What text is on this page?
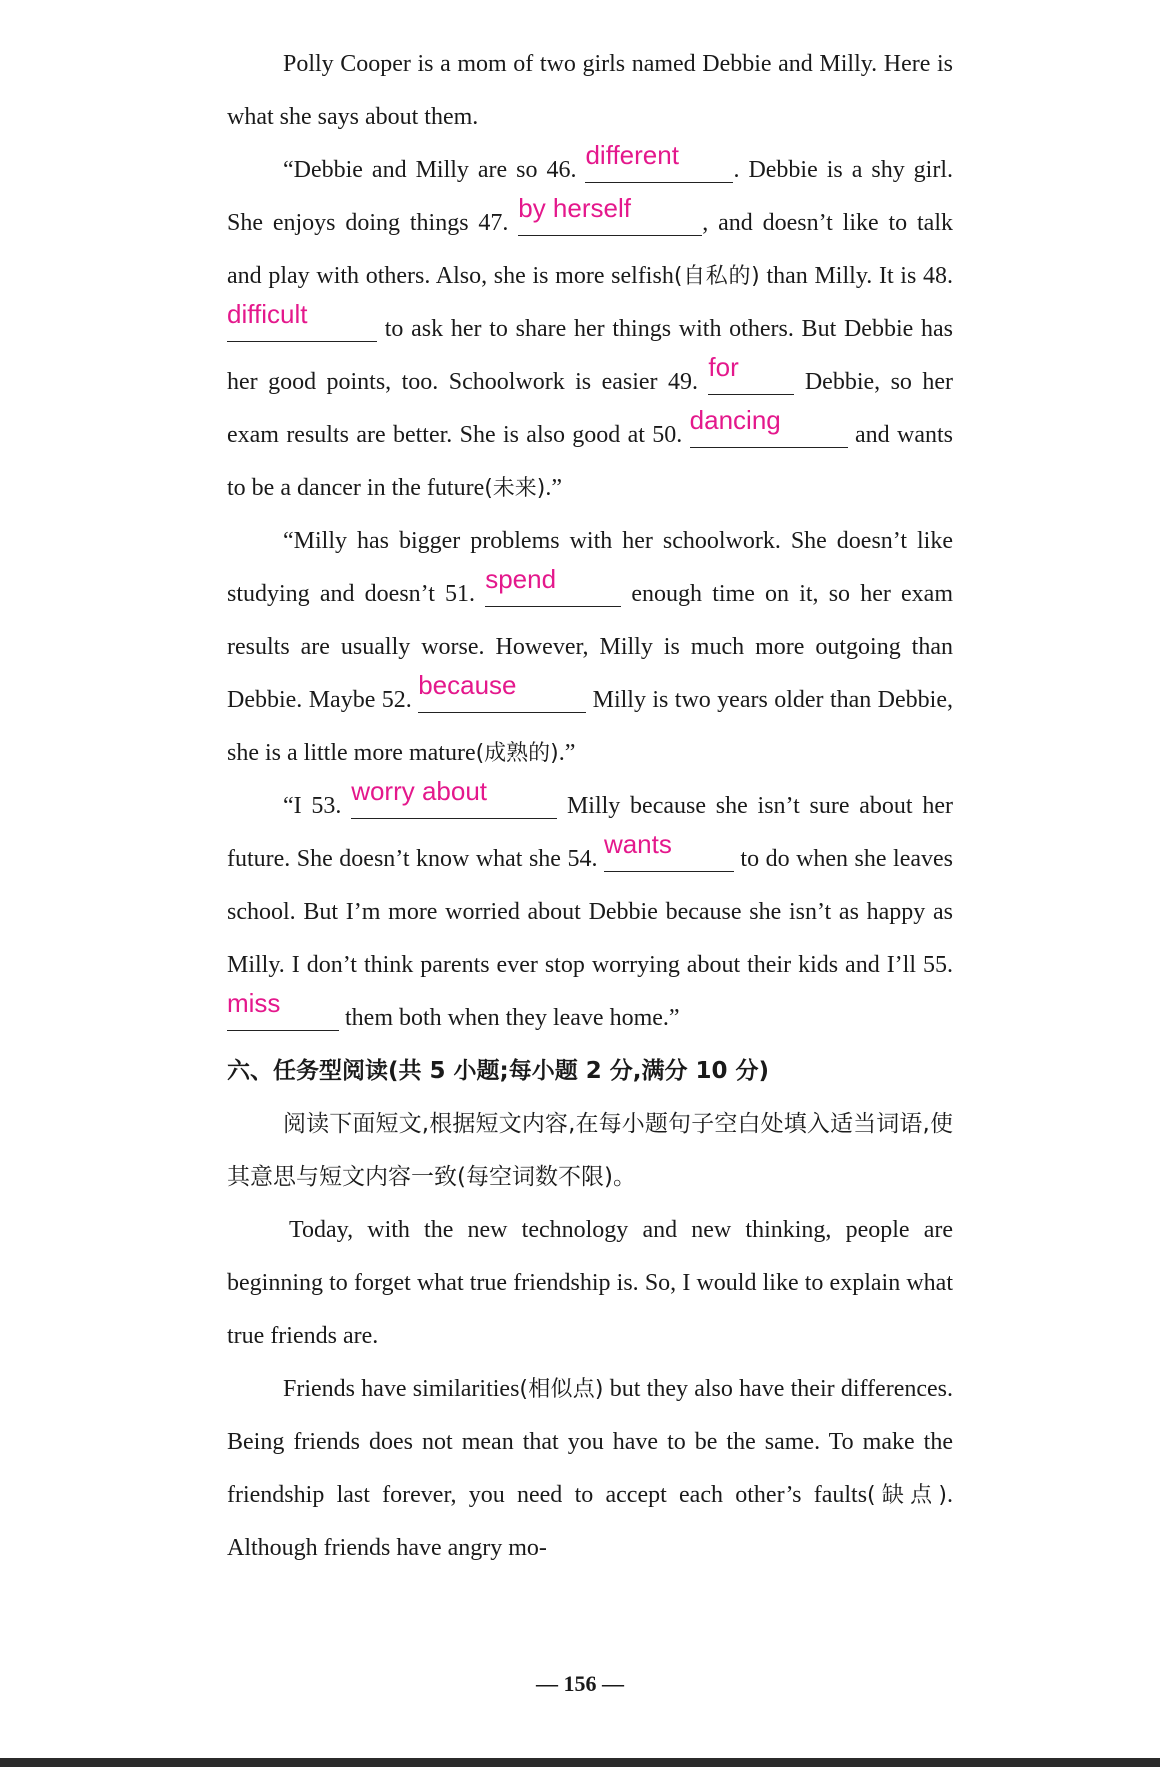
Polly Cooper is a mom of two girls named Debbie and Milly. Here is what she says about them.

“Debbie and Milly are so 46. different	. Debbie is a shy girl. She enjoys doing things 47. by herself	, and doesn’t like to talk and play with others. Also, she is more selfish(自私的) than Milly. It is 48.
difficult	to ask her to share her things with others. But Debbie has her good points, too. Schoolwork is easier 49. for	Debbie, so her exam results are better. She is also good at 50. dancing	and wants to be a dancer in the future(未来).”

“Milly has bigger problems with her schoolwork. She doesn’t like studying and doesn’t 51. spend	enough time on it, so her exam results are usually worse. However, Milly is much more outgoing than Debbie. Maybe 52. because	Milly is two years older than Debbie, she is a little more mature(成熟的).”

“I 53. worry about	Milly because she isn’t sure about her future. She doesn’t know what she 54. wants	to do when she leaves school. But I’m more worried about Debbie because she isn’t as happy as Milly. I don’t think parents ever stop worrying about their kids and I’ll 55.
miss	them both when they leave home.”

六、任务型阅读(共 5 小题;每小题 2 分,满分 10 分)

阅读下面短文,根据短文内容,在每小题句子空白处填入适当词语,使其意思与短文内容一致(每空词数不限)。

Today, with the new technology and new thinking, people are beginning to forget what true friendship is. So, I would like to explain what true friends are.

Friends have similarities(相似点) but they also have their differences. Being friends does not mean that you have to be the same. To make the friendship last forever, you need to accept each other’s faults(缺点). Although friends have angry mo-

— 156 —
